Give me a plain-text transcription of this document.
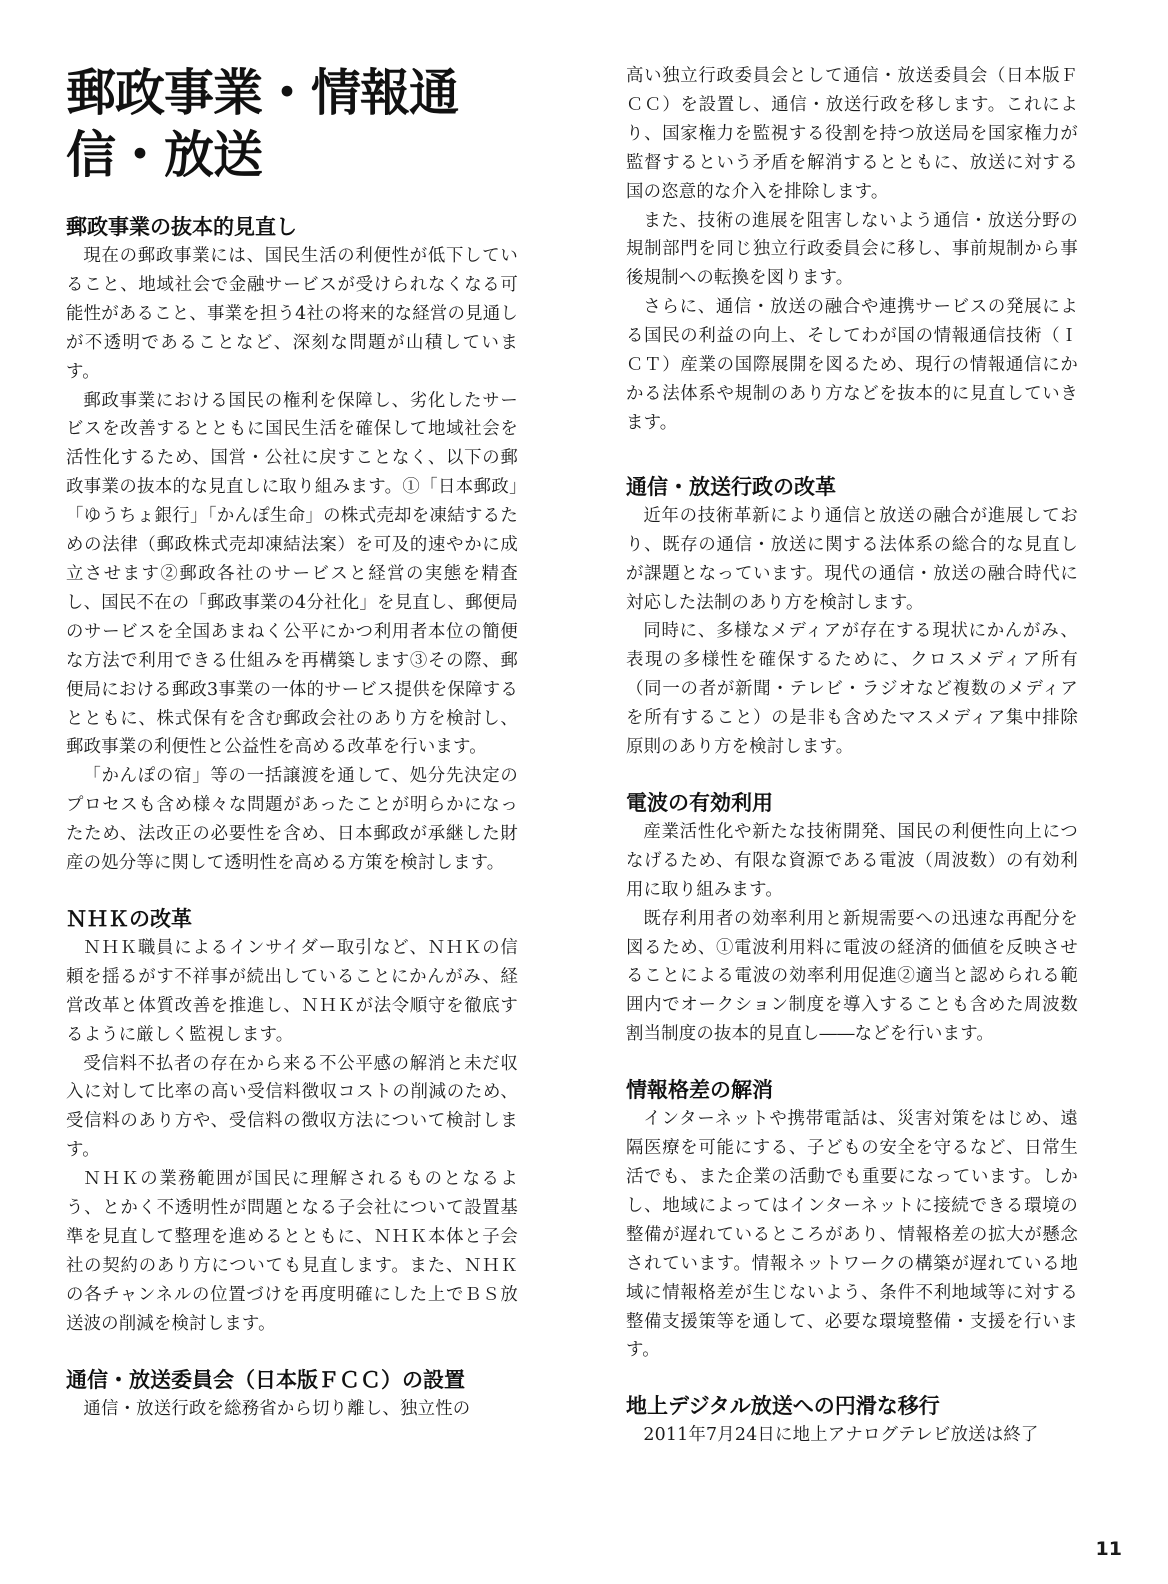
郵政事業・情報通信・放送
郵政事業の抜本的見直し

現在の郵政事業には、国民生活の利便性が低下していること、地域社会で金融サービスが受けられなくなる可能性があること、事業を担う4社の将来的な経営の見通しが不透明であることなど、深刻な問題が山積しています。

郵政事業における国民の権利を保障し、劣化したサービスを改善するとともに国民生活を確保して地域社会を活性化するため、国営・公社に戻すことなく、以下の郵政事業の抜本的な見直しに取り組みます。①「日本郵政」「ゆうちょ銀行」「かんぽ生命」の株式売却を凍結するための法律（郵政株式売却凍結法案）を可及的速やかに成立させます②郵政各社のサービスと経営の実態を精査し、国民不在の「郵政事業の4分社化」を見直し、郵便局のサービスを全国あまねく公平にかつ利用者本位の簡便な方法で利用できる仕組みを再構築します③その際、郵便局における郵政3事業の一体的サービス提供を保障するとともに、株式保有を含む郵政会社のあり方を検討し、郵政事業の利便性と公益性を高める改革を行います。

「かんぽの宿」等の一括譲渡を通して、処分先決定のプロセスも含め様々な問題があったことが明らかになったため、法改正の必要性を含め、日本郵政が承継した財産の処分等に関して透明性を高める方策を検討します。

ＮＨＫの改革

ＮＨＫ職員によるインサイダー取引など、ＮＨＫの信頼を揺るがす不祥事が続出していることにかんがみ、経営改革と体質改善を推進し、ＮＨＫが法令順守を徹底するように厳しく監視します。

受信料不払者の存在から来る不公平感の解消と未だ収入に対して比率の高い受信料徴収コストの削減のため、受信料のあり方や、受信料の徴収方法について検討します。

ＮＨＫの業務範囲が国民に理解されるものとなるよう、とかく不透明性が問題となる子会社について設置基準を見直して整理を進めるとともに、ＮＨＫ本体と子会社の契約のあり方についても見直します。また、ＮＨＫの各チャンネルの位置づけを再度明確にした上でＢＳ放送波の削減を検討します。

通信・放送委員会（日本版ＦＣＣ）の設置

通信・放送行政を総務省から切り離し、独立性の

高い独立行政委員会として通信・放送委員会（日本版ＦＣＣ）を設置し、通信・放送行政を移します。これにより、国家権力を監視する役割を持つ放送局を国家権力が監督するという矛盾を解消するとともに、放送に対する国の恣意的な介入を排除します。

また、技術の進展を阻害しないよう通信・放送分野の規制部門を同じ独立行政委員会に移し、事前規制から事後規制への転換を図ります。

さらに、通信・放送の融合や連携サービスの発展による国民の利益の向上、そしてわが国の情報通信技術（ＩＣＴ）産業の国際展開を図るため、現行の情報通信にかかる法体系や規制のあり方などを抜本的に見直していきます。

通信・放送行政の改革

近年の技術革新により通信と放送の融合が進展しており、既存の通信・放送に関する法体系の総合的な見直しが課題となっています。現代の通信・放送の融合時代に対応した法制のあり方を検討します。

同時に、多様なメディアが存在する現状にかんがみ、表現の多様性を確保するために、クロスメディア所有（同一の者が新聞・テレビ・ラジオなど複数のメディアを所有すること）の是非も含めたマスメディア集中排除原則のあり方を検討します。

電波の有効利用

産業活性化や新たな技術開発、国民の利便性向上につなげるため、有限な資源である電波（周波数）の有効利用に取り組みます。

既存利用者の効率利用と新規需要への迅速な再配分を図るため、①電波利用料に電波の経済的価値を反映させることによる電波の効率利用促進②適当と認められる範囲内でオークション制度を導入することも含めた周波数割当制度の抜本的見直し――などを行います。

情報格差の解消

インターネットや携帯電話は、災害対策をはじめ、遠隔医療を可能にする、子どもの安全を守るなど、日常生活でも、また企業の活動でも重要になっています。しかし、地域によってはインターネットに接続できる環境の整備が遅れているところがあり、情報格差の拡大が懸念されています。情報ネットワークの構築が遅れている地域に情報格差が生じないよう、条件不利地域等に対する整備支援策等を通して、必要な環境整備・支援を行います。

地上デジタル放送への円滑な移行

2011年7月24日に地上アナログテレビ放送は終了

11
